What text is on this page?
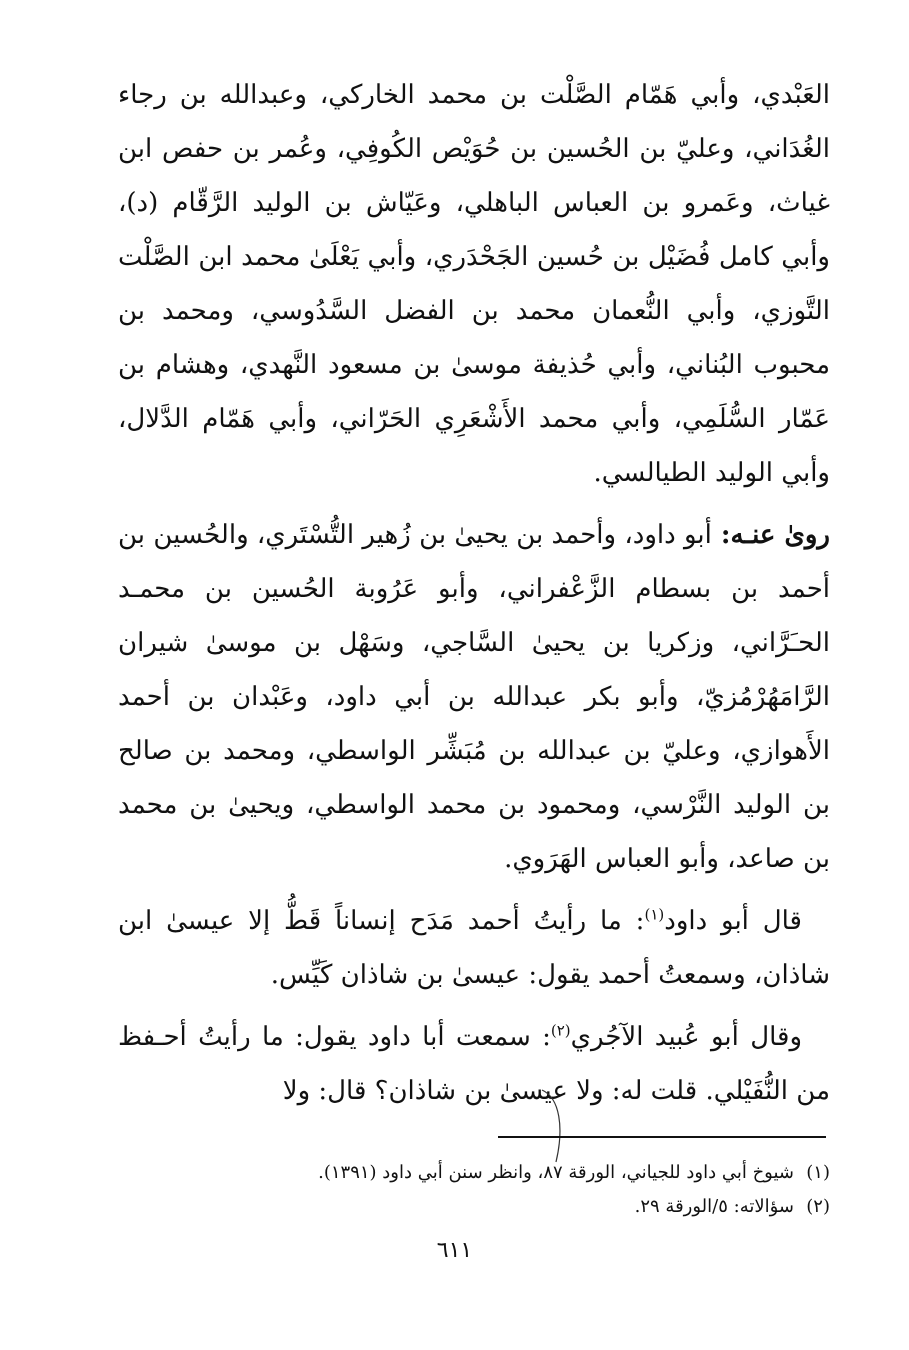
العَبْدي، وأبي هَمّام الصَّلْت بن محمد الخاركي، وعبدالله بن رجاء الغُدَاني، وعليّ بن الحُسين بن حُوَيْص الكُوفِي، وعُمر بن حفص ابن غياث، وعَمرو بن العباس الباهلي، وعَيّاش بن الوليد الرَّقّام (د)، وأبي كامل فُضَيْل بن حُسين الجَحْدَري، وأبي يَعْلَىٰ محمد ابن الصَّلْت التَّوزي، وأبي النُّعمان محمد بن الفضل السَّدُوسي، ومحمد بن محبوب البُناني، وأبي حُذيفة موسىٰ بن مسعود النَّهدي، وهشام بن عَمّار السُّلَمِي، وأبي محمد الأَشْعَرِي الحَرّاني، وأبي هَمّام الدَّلال، وأبي الوليد الطيالسي.

روىٰ عنـه: أبو داود، وأحمد بن يحيىٰ بن زُهير التُّسْتَري، والحُسين بن أحمد بن بسطام الزَّعْفراني، وأبو عَرُوبة الحُسين بن محمـد الحـَرَّاني، وزكريا بن يحيىٰ السَّاجي، وسَهْل بن موسىٰ شيران الرَّامَهُرْمُزيّ، وأبو بكر عبدالله بن أبي داود، وعَبْدان بن أحمد الأَهوازي، وعليّ بن عبدالله بن مُبَشِّر الواسطي، ومحمد بن صالح بن الوليد النَّرْسي، ومحمود بن محمد الواسطي، ويحيىٰ بن محمد بن صاعد، وأبو العباس الهَرَوي.

قال أبو داود$^{(١)}$: ما رأيتُ أحمد مَدَح إنساناً قَطُّ إلا عيسىٰ ابن شاذان، وسمعتُ أحمد يقول: عيسىٰ بن شاذان كَيِّس.

وقال أبو عُبيد الآجُري$^{(٢)}$: سمعت أبا داود يقول: ما رأيتُ أحـفظ من النُّفَيْلي. قلت له: ولا عيسىٰ بن شاذان؟ قال: ولا

(١)شيوخ أبي داود للجياني، الورقة ٨٧، وانظر سنن أبي داود (١٣٩١).

(٢)سؤالاته: ٥/الورقة ٢٩.

٦١١
